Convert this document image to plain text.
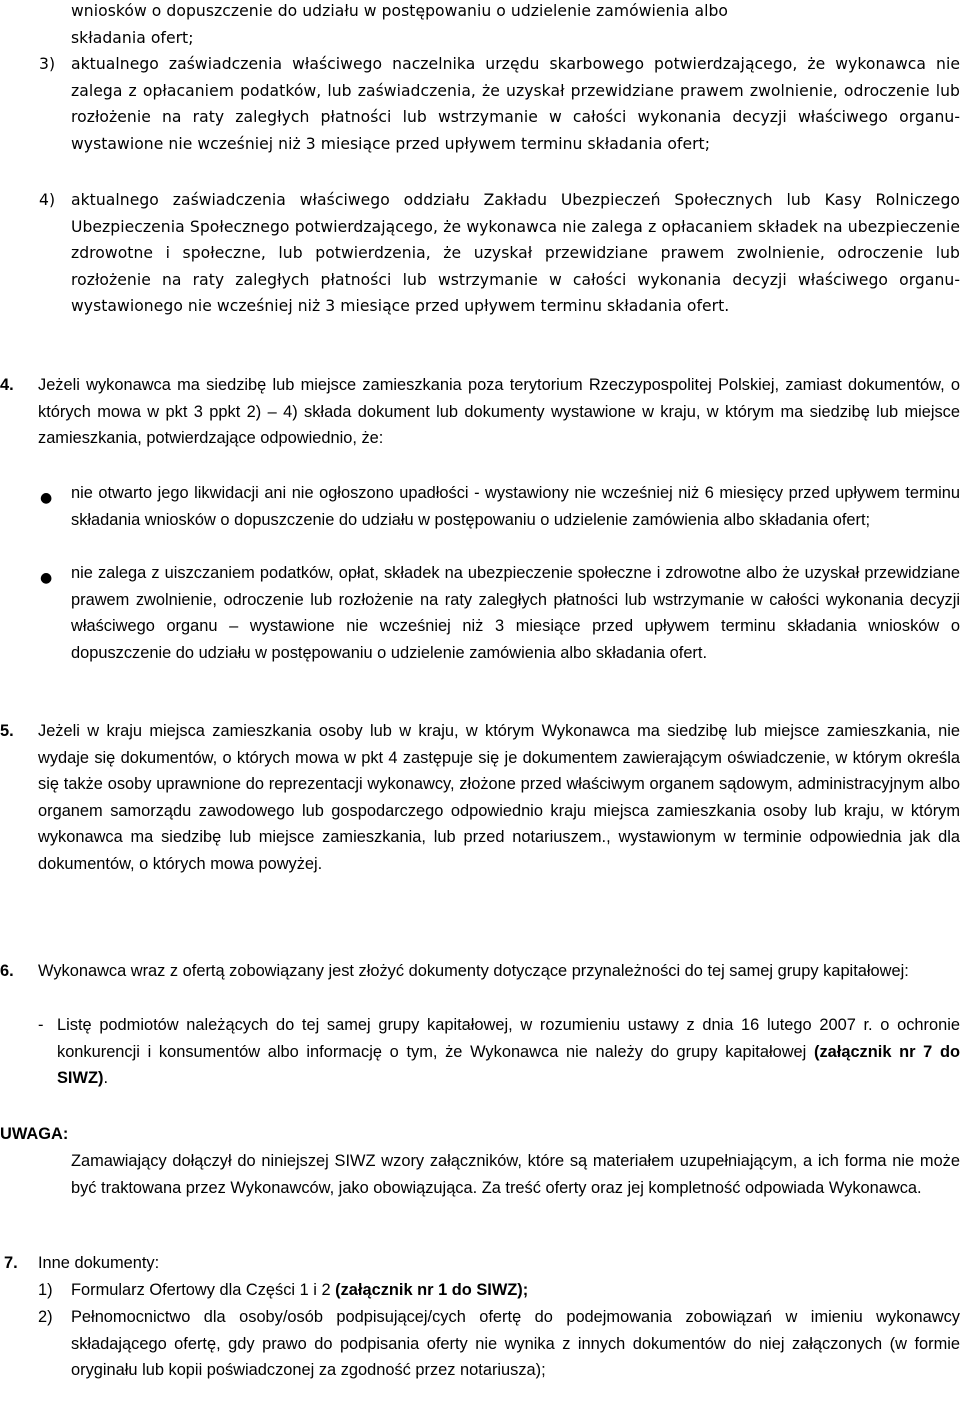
wniosków o dopuszczenie do udziału w postępowaniu o udzielenie zamówienia albo
składania ofert;

3) aktualnego zaświadczenia właściwego naczelnika urzędu skarbowego potwierdzającego, że wykonawca nie zalega z opłacaniem podatków, lub zaświadczenia, że uzyskał przewidziane prawem zwolnienie, odroczenie lub rozłożenie na raty zaległych płatności lub wstrzymanie w całości wykonania decyzji właściwego organu- wystawione nie wcześniej niż 3 miesiące przed upływem terminu składania ofert;

4) aktualnego zaświadczenia właściwego oddziału Zakładu Ubezpieczeń Społecznych lub Kasy Rolniczego Ubezpieczenia Społecznego potwierdzającego, że wykonawca nie zalega z opłacaniem składek na ubezpieczenie zdrowotne i społeczne, lub potwierdzenia, że uzyskał przewidziane prawem zwolnienie, odroczenie lub rozłożenie na raty zaległych płatności lub wstrzymanie w całości wykonania decyzji właściwego organu-wystawionego nie wcześniej niż 3 miesiące przed upływem terminu składania ofert.

4. Jeżeli wykonawca ma siedzibę lub miejsce zamieszkania poza terytorium Rzeczypospolitej Polskiej, zamiast dokumentów, o których mowa w pkt 3 ppkt 2) – 4) składa dokument lub dokumenty wystawione w kraju, w którym ma siedzibę lub miejsce zamieszkania, potwierdzające odpowiednio, że:

● nie otwarto jego likwidacji ani nie ogłoszono upadłości - wystawiony nie wcześniej niż 6 miesięcy przed upływem terminu składania wniosków o dopuszczenie do udziału w postępowaniu o udzielenie zamówienia albo składania ofert;

● nie zalega z uiszczaniem podatków, opłat, składek na ubezpieczenie społeczne i zdrowotne albo że uzyskał przewidziane prawem zwolnienie, odroczenie lub rozłożenie na raty zaległych płatności lub wstrzymanie w całości wykonania decyzji właściwego organu – wystawione nie wcześniej niż 3 miesiące przed upływem terminu składania wniosków o dopuszczenie do udziału w postępowaniu o udzielenie zamówienia albo składania ofert.

5. Jeżeli w kraju miejsca zamieszkania osoby lub w kraju, w którym Wykonawca ma siedzibę lub miejsce zamieszkania, nie wydaje się dokumentów, o których mowa w pkt 4 zastępuje się je dokumentem zawierającym oświadczenie, w którym określa się także osoby uprawnione do reprezentacji wykonawcy, złożone przed właściwym organem sądowym, administracyjnym albo organem samorządu zawodowego lub gospodarczego odpowiednio kraju miejsca zamieszkania osoby lub kraju, w którym wykonawca ma siedzibę lub miejsce zamieszkania, lub przed notariuszem., wystawionym w terminie odpowiednia jak dla dokumentów, o których mowa powyżej.

6. Wykonawca wraz z ofertą zobowiązany jest złożyć dokumenty dotyczące przynależności do tej samej grupy kapitałowej:

- Listę podmiotów należących do tej samej grupy kapitałowej, w rozumieniu ustawy z dnia 16 lutego 2007 r. o ochronie konkurencji i konsumentów albo informację o tym, że Wykonawca nie należy do grupy kapitałowej (załącznik nr 7 do SIWZ).

UWAGA:

Zamawiający dołączył do niniejszej SIWZ wzory załączników, które są materiałem uzupełniającym, a ich forma nie może być traktowana przez Wykonawców, jako obowiązująca. Za treść oferty oraz jej kompletność odpowiada Wykonawca.

7. Inne dokumenty:
1) Formularz Ofertowy dla Części 1 i 2 (załącznik nr 1 do SIWZ);

2) Pełnomocnictwo dla osoby/osób podpisującej/cych ofertę do podejmowania zobowiązań w imieniu wykonawcy składającego ofertę, gdy prawo do podpisania oferty nie wynika z innych dokumentów do niej załączonych (w formie oryginału lub kopii poświadczonej za zgodność przez notariusza);
